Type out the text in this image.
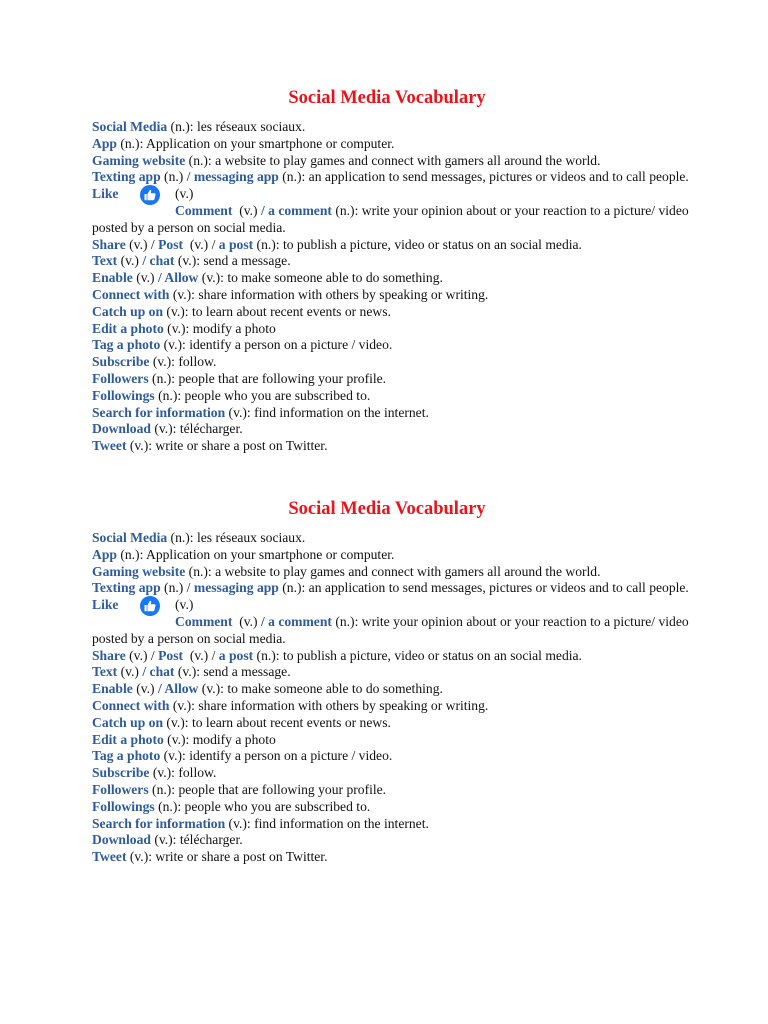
Social Media Vocabulary
Social Media (n.): les réseaux sociaux.
App (n.): Application on your smartphone or computer.
Gaming website (n.): a website to play games and connect with gamers all around the world.
Texting app (n.) / messaging app (n.): an application to send messages, pictures or videos and to call people.
Like	(v.)
Comment  (v.) / a comment (n.): write your opinion about or your reaction to a picture/ video posted by a person on social media.
Share (v.) / Post  (v.) / a post (n.): to publish a picture, video or status on an social media.
Text (v.) / chat (v.): send a message.
Enable (v.) / Allow (v.): to make someone able to do something.
Connect with (v.): share information with others by speaking or writing.
Catch up on (v.): to learn about recent events or news.
Edit a photo (v.): modify a photo
Tag a photo (v.): identify a person on a picture / video.
Subscribe (v.): follow.
Followers (n.): people that are following your profile.
Followings (n.): people who you are subscribed to.
Search for information (v.): find information on the internet.
Download (v.): télécharger.
Tweet (v.): write or share a post on Twitter.
Social Media Vocabulary
Social Media (n.): les réseaux sociaux.
App (n.): Application on your smartphone or computer.
Gaming website (n.): a website to play games and connect with gamers all around the world.
Texting app (n.) / messaging app (n.): an application to send messages, pictures or videos and to call people.
Like	(v.)
Comment  (v.) / a comment (n.): write your opinion about or your reaction to a picture/ video posted by a person on social media.
Share (v.) / Post  (v.) / a post (n.): to publish a picture, video or status on an social media.
Text (v.) / chat (v.): send a message.
Enable (v.) / Allow (v.): to make someone able to do something.
Connect with (v.): share information with others by speaking or writing.
Catch up on (v.): to learn about recent events or news.
Edit a photo (v.): modify a photo
Tag a photo (v.): identify a person on a picture / video.
Subscribe (v.): follow.
Followers (n.): people that are following your profile.
Followings (n.): people who you are subscribed to.
Search for information (v.): find information on the internet.
Download (v.): télécharger.
Tweet (v.): write or share a post on Twitter.
